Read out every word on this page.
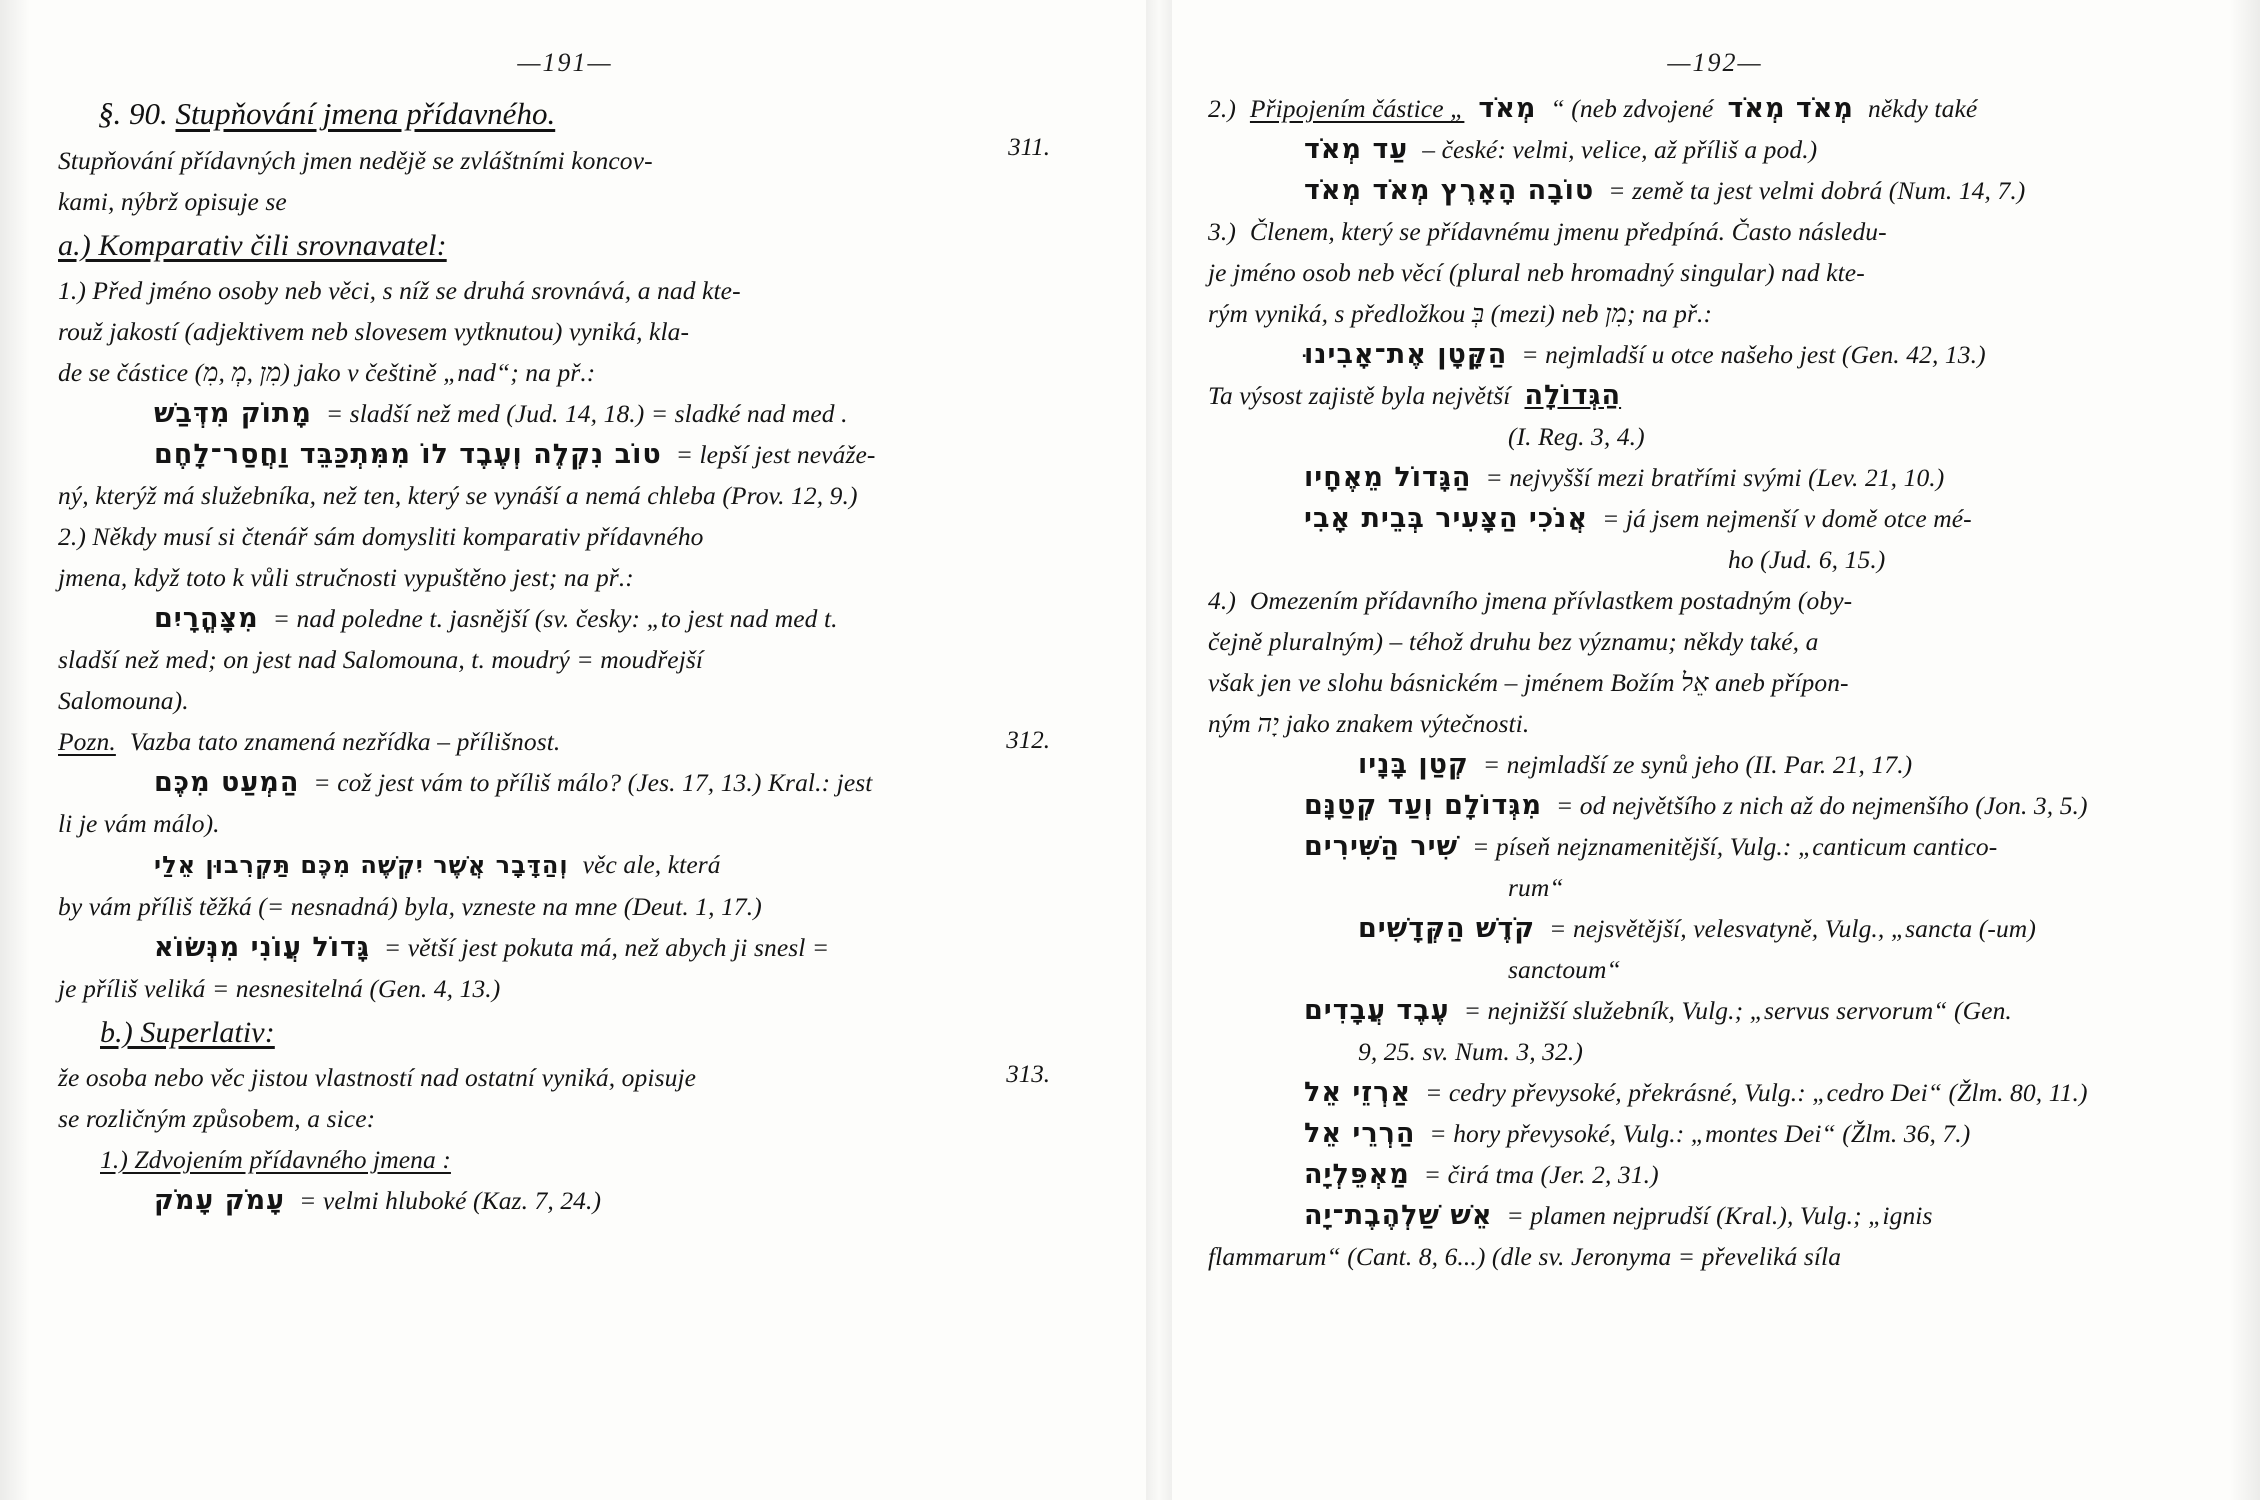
—191—
§. 90. Stupňování jmena přídavného.
311.
Stupňování přídavných jmen nedějě se zvláštními koncov-
kami, nýbrž opisuje se
a.) Komparativ čili srovnavatel:
1.) Před jméno osoby neb věci, s níž se druhá srovnává, a nad kte-
rouž jakostí (adjektivem neb slovesem vytknutou) vyniká, kla-
de se částice (מִן ,מְ ,מִ) jako v češtině „nad“; na př.:
מָתוֹק מִדְּבַשׁ = sladší než med (Jud. 14, 18.) = sladké nad med .
טוֹב נִקְלֶה וְעֶבֶד לוֹ מִמִּתְכַּבֵּד וַחֲסַר־לָחֶם = lepší jest nevážе-
ný, kterýž má služebníka, než ten, který se vynáší a nemá chleba (Prov. 12, 9.)
2.) Někdy musí si čtenář sám domysliti komparativ přídavného
jmena, když toto k vůli stručnosti vypuštěno jest; na př.:
מִצָּהֳרָיִם = nad poledne t. jasnější (sv. česky: „to jest nad med t.
sladší než med; on jest nad Salomouna, t. moudrý = moudřejší
Salomouna).
312.
Pozn. Vazba tato znamená nezřídka – přílišnost.
הַמְעַט מִכֶּם = což jest vám to příliš málo? (Jes. 17, 13.) Kral.: jest
li je vám málo).
וְהַדָּבָר אֲשֶׁר יִקְשֶׁה מִכֶּם תַּקְרִבוּן אֵלַי věc ale, která
by vám příliš těžká (= nesnadná) byla, vzneste na mne (Deut. 1, 17.)
גָּדוֹל עֲוֹנִי מִנְּשׂוֹא = větší jest pokuta má, než abych ji snesl =
je příliš veliká = nesnesitelná (Gen. 4, 13.)
b.) Superlativ:
313.
že osoba nebo věc jistou vlastností nad ostatní vyniká, opisuje
se rozličným způsobem, a sice:
1.) Zdvojením přídavného jmena :
עָמֹק עָמֹק = velmi hluboké (Kaz. 7, 24.)
—192—
2.) Připojením částice „ מְאֹד “ (neb zdvojené מְאֹד מְאֹד někdy také
עַד מְאֹד – české: velmi, velice, až příliš a pod.)
טוֹבָה הָאָרֶץ מְאֹד מְאֹד = země ta jest velmi dobrá (Num. 14, 7.)
3.) Členem, který se přídavnému jmenu předpíná. Často následu-
je jméno osob neb věcí (plural neb hromadný singular) nad kte-
rým vyniká, s předložkou בְּ (mezi) neb מִן; na př.:
הַקָּטָן אֶת־אָבִינוּ = nejmladší u otce našeho jest (Gen. 42, 13.)
Ta výsost zajistě byla největší הַגְּדוֹלָה
(I. Reg. 3, 4.)
הַגָּדוֹל מֵאֶחָיו = nejvyšší mezi bratřími svými (Lev. 21, 10.)
אֲנֹכִי הַצָּעִיר בְּבֵית אָבִי = já jsem nejmenší v domě otce mé-
ho (Jud. 6, 15.)
4.) Omezením přídavního jmena přívlastkem postadným (oby-
čejně pluralným) – téhož druhu bez významu; někdy také, a
však jen ve slohu básnickém – jménem Božím אֵל aneb přípon-
ným יָה jako znakem výtečnosti.
קְטַן בָּנָיו = nejmladší ze synů jeho (II. Par. 21, 17.)
מִגְּדוֹלָם וְעַד קְטַנָּם = od největšího z nich až do nejmenšího (Jon. 3, 5.)
שִׁיר הַשִּׁירִים = píseň nejznamenitější, Vulg.: „canticum cantico-
rum“
קֹדֶשׁ הַקְּדָשִׁים = nejsvětější, velesvatyně, Vulg., „sancta (-um)
sanctoum“
עֶבֶד עֲבָדִים = nejnižší služebník, Vulg.; „servus servorum“ (Gen.
9, 25. sv. Num. 3, 32.)
אַרְזֵי אֵל = cedry převysoké, překrásné, Vulg.: „cedro Dei“ (Žlm. 80, 11.)
הַרְרֵי אֵל = hory převysoké, Vulg.: „montes Dei“ (Žlm. 36, 7.)
מַאְפֵּלְיָה = čirá tma (Jer. 2, 31.)
אֵשׁ שַׁלְהֶבֶת־יָה = plamen nejprudší (Kral.), Vulg.; „ignis
flammarum“ (Cant. 8, 6...) (dle sv. Jeronyma = převeliká síla
